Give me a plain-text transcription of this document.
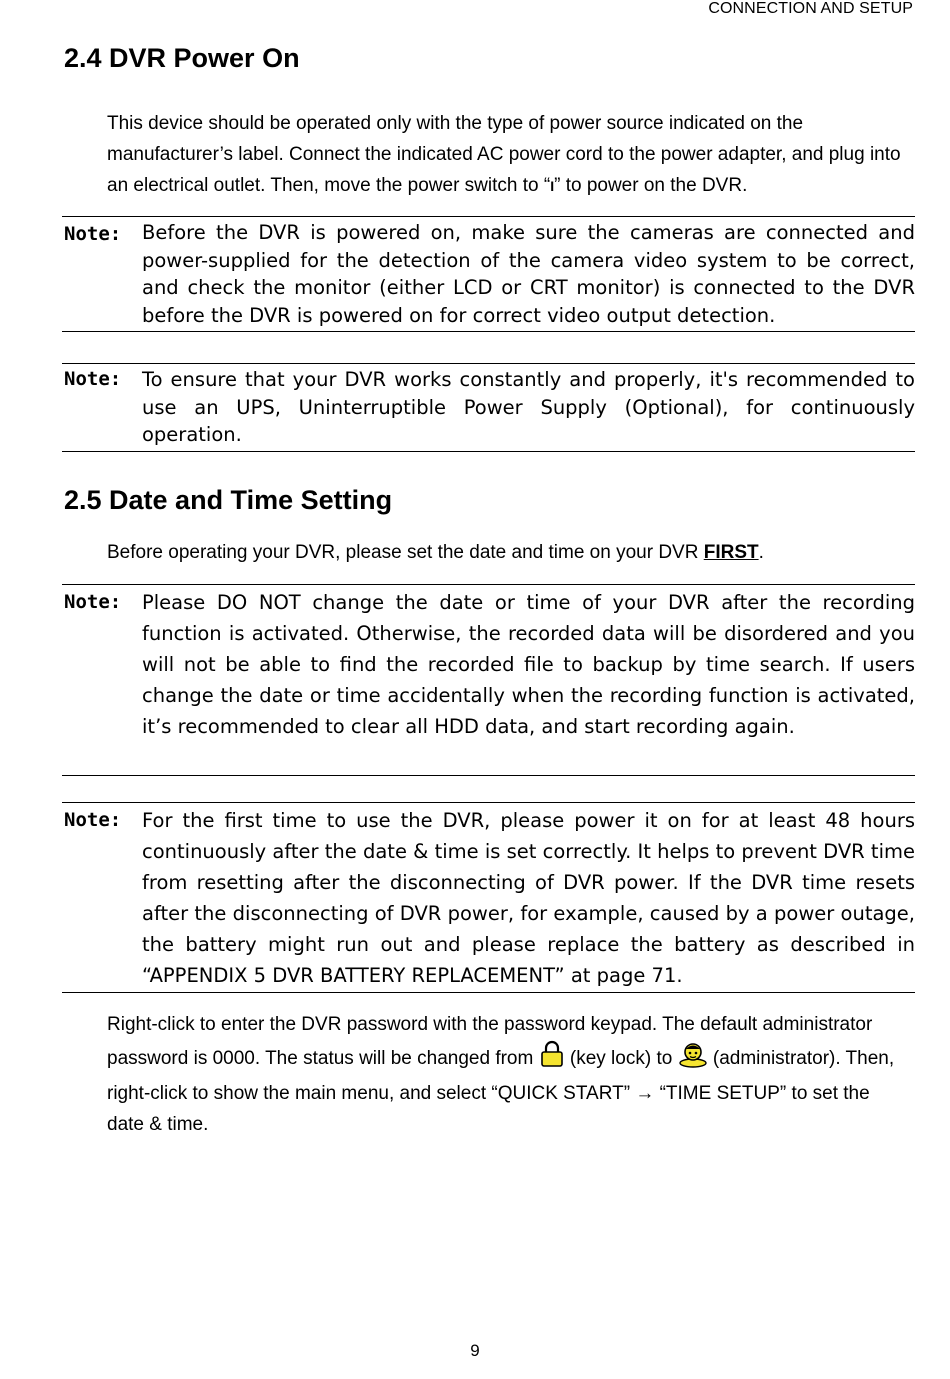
CONNECTION AND SETUP
2.4 DVR Power On

This device should be operated only with the type of power source indicated on the manufacturer’s label. Connect the indicated AC power cord to the power adapter, and plug into an electrical outlet. Then, move the power switch to “I” to power on the DVR.

Note: Before the DVR is powered on, make sure the cameras are connected and power-supplied for the detection of the camera video system to be correct, and check the monitor (either LCD or CRT monitor) is connected to the DVR before the DVR is powered on for correct video output detection.
Note: To ensure that your DVR works constantly and properly, it's recommended to use an UPS, Uninterruptible Power Supply (Optional), for continuously operation.
2.5 Date and Time Setting

Before operating your DVR, please set the date and time on your DVR FIRST.

Note: Please DO NOT change the date or time of your DVR after the recording function is activated. Otherwise, the recorded data will be disordered and you will not be able to find the recorded file to backup by time search. If users change the date or time accidentally when the recording function is activated, it’s recommended to clear all HDD data, and start recording again.
Note: For the first time to use the DVR, please power it on for at least 48 hours continuously after the date & time is set correctly. It helps to prevent DVR time from resetting after the disconnecting of DVR power. If the DVR time resets after the disconnecting of DVR power, for example, caused by a power outage, the battery might run out and please replace the battery as described in “APPENDIX 5 DVR BATTERY REPLACEMENT” at page 71.

Right-click to enter the DVR password with the password keypad. The default administrator password is 0000. The status will be changed from  (key lock) to  (administrator). Then, right-click to show the main menu, and select “QUICK START” → “TIME SETUP” to set the date & time.

9
